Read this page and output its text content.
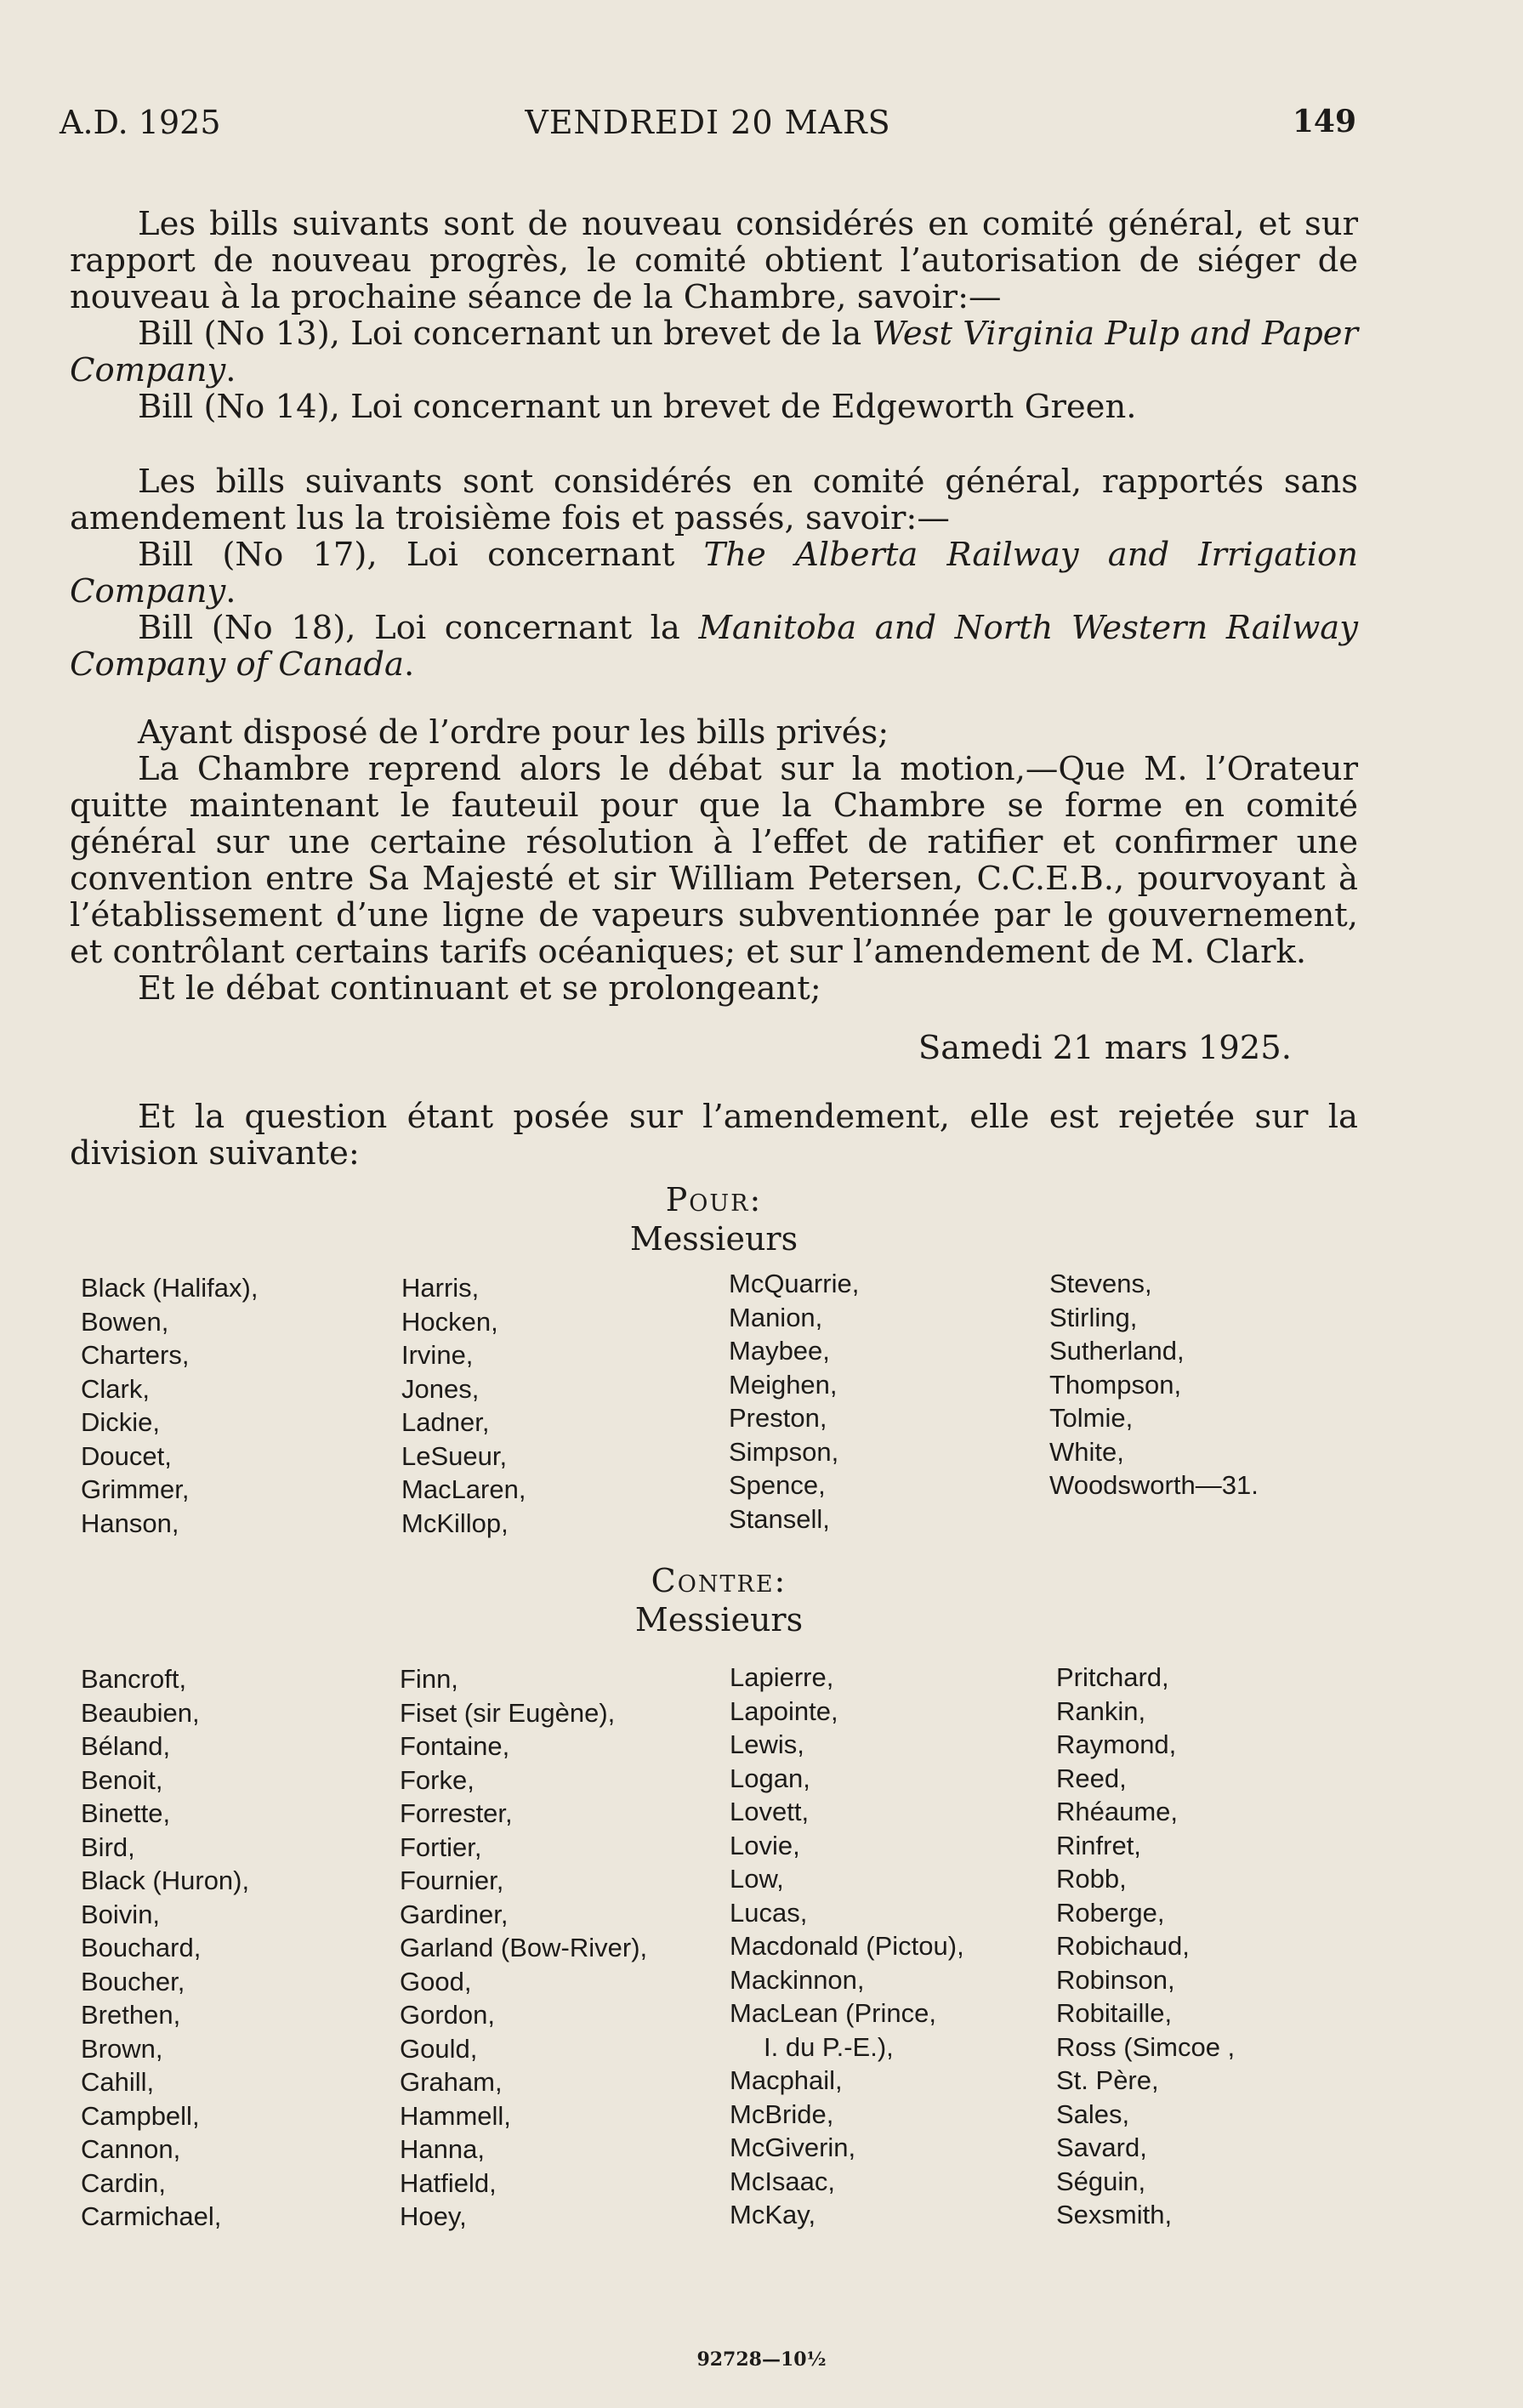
A.D. 1925	VENDREDI 20 MARS	149

Les bills suivants sont de nouveau considérés en comité général, et sur rapport de nouveau progrès, le comité obtient l’autorisation de siéger de nouveau à la prochaine séance de la Chambre, savoir:—

Bill (No 13), Loi concernant un brevet de la West Virginia Pulp and Paper Company.

Bill (No 14), Loi concernant un brevet de Edgeworth Green.

Les bills suivants sont considérés en comité général, rapportés sans amendement lus la troisième fois et passés, savoir:—

Bill (No 17), Loi concernant The Alberta Railway and Irrigation Company.

Bill (No 18), Loi concernant la Manitoba and North Western Railway Company of Canada.

Ayant disposé de l’ordre pour les bills privés;

La Chambre reprend alors le débat sur la motion,—Que M. l’Orateur quitte maintenant le fauteuil pour que la Chambre se forme en comité général sur une certaine résolution à l’effet de ratifier et confirmer une convention entre Sa Majesté et sir William Petersen, C.C.E.B., pourvoyant à l’établissement d’une ligne de vapeurs subventionnée par le gouvernement, et contrôlant certains tarifs océaniques; et sur l’amendement de M. Clark.

Et le débat continuant et se prolongeant;

Samedi 21 mars 1925.

Et la question étant posée sur l’amendement, elle est rejetée sur la division suivante:

Pour:
Messieurs
Black (Halifax),
Bowen,
Charters,
Clark,
Dickie,
Doucet,
Grimmer,
Hanson,
Harris,
Hocken,
Irvine,
Jones,
Ladner,
LeSueur,
MacLaren,
McKillop,
McQuarrie,
Manion,
Maybee,
Meighen,
Preston,
Simpson,
Spence,
Stansell,
Stevens,
Stirling,
Sutherland,
Thompson,
Tolmie,
White,
Woodsworth—31.
Contre:
Messieurs
Bancroft,
Beaubien,
Béland,
Benoit,
Binette,
Bird,
Black (Huron),
Boivin,
Bouchard,
Boucher,
Brethen,
Brown,
Cahill,
Campbell,
Cannon,
Cardin,
Carmichael,
Finn,
Fiset (sir Eugène),
Fontaine,
Forke,
Forrester,
Fortier,
Fournier,
Gardiner,
Garland (Bow-River),
Good,
Gordon,
Gould,
Graham,
Hammell,
Hanna,
Hatfield,
Hoey,
Lapierre,
Lapointe,
Lewis,
Logan,
Lovett,
Lovie,
Low,
Lucas,
Macdonald (Pictou),
Mackinnon,
MacLean (Prince,
I. du P.-E.),
Macphail,
McBride,
McGiverin,
McIsaac,
McKay,
Pritchard,
Rankin,
Raymond,
Reed,
Rhéaume,
Rinfret,
Robb,
Roberge,
Robichaud,
Robinson,
Robitaille,
Ross (Simcoe ,
St. Père,
Sales,
Savard,
Séguin,
Sexsmith,
92728—10½
